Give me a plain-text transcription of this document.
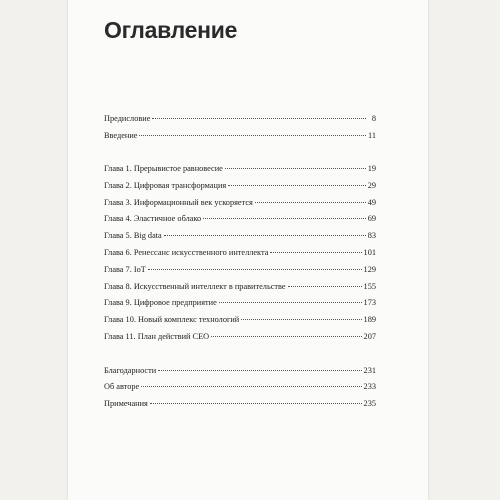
Оглавление
Предисловие	8
Введение	11
Глава 1. Прерывистое равновесие	19
Глава 2. Цифровая трансформация	29
Глава 3. Информационный век ускоряется	49
Глава 4. Эластичное облако	69
Глава 5. Big data	83
Глава 6. Ренессанс искусственного интеллекта	101
Глава 7. IoT	129
Глава 8. Искусственный интеллект в правительстве	155
Глава 9. Цифровое предприятие	173
Глава 10. Новый комплекс технологий	189
Глава 11. План действий CEO	207
Благодарности	231
Об авторе	233
Примечания	235
